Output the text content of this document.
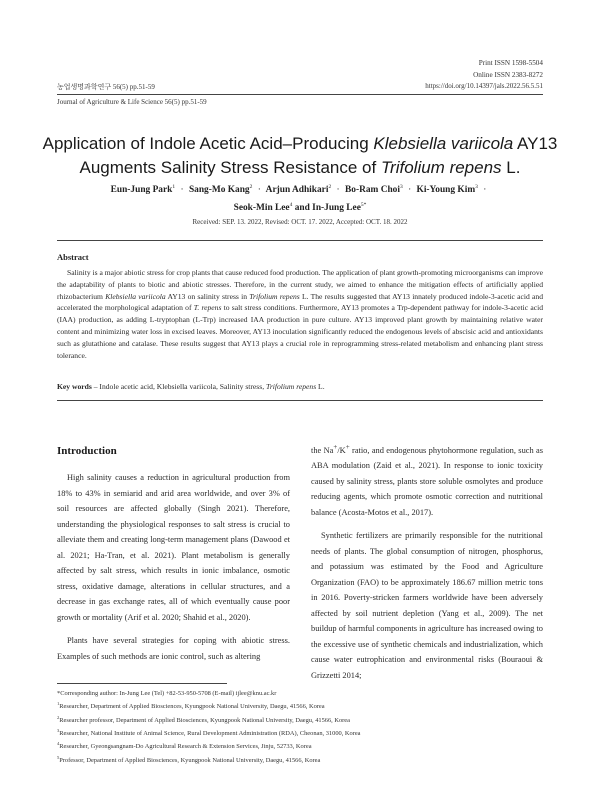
Print ISSN 1598-5504
Online ISSN 2383-8272
농업생명과학연구 56(5) pp.51-59	https://doi.org/10.14397/jals.2022.56.5.51
Journal of Agriculture & Life Science 56(5) pp.51-59
Application of Indole Acetic Acid–Producing Klebsiella variicola AY13
Augments Salinity Stress Resistance of Trifolium repens L.
Eun-Jung Park$^1$ · Sang-Mo Kang$^2$ · Arjun Adhikari$^2$ · Bo-Ram Choi$^3$ · Ki-Young Kim$^3$ ·
Seok-Min Lee$^4$ and In-Jung Lee$^{5*}$
Received: SEP. 13. 2022, Revised: OCT. 17. 2022, Accepted: OCT. 18. 2022
Abstract
Salinity is a major abiotic stress for crop plants that cause reduced food production. The application of plant growth-promoting microorganisms can improve the adaptability of plants to biotic and abiotic stresses. Therefore, in the current study, we aimed to enhance the mitigation effects of artificially applied rhizobacterium Klebsiella variicola AY13 on salinity stress in Trifolium repens L. The results suggested that AY13 innately produced indole-3-acetic acid and accelerated the morphological adaptation of T. repens to salt stress conditions. Furthermore, AY13 promotes a Trp-dependent pathway for indole-3-acetic acid (IAA) production, as adding L-tryptophan (L-Trp) increased IAA production in pure culture. AY13 improved plant growth by maintaining relative water content and minimizing water loss in excised leaves. Moreover, AY13 inoculation significantly reduced the endogenous levels of abscisic acid and antioxidants such as glutathione and catalase. These results suggest that AY13 plays a crucial role in reprogramming stress-related metabolism and enhancing plant stress tolerance.
Key words – Indole acetic acid, Klebsiella variicola, Salinity stress, Trifolium repens L.
Introduction

High salinity causes a reduction in agricultural production from 18% to 43% in semiarid and arid area worldwide, and over 3% of soil resources are affected globally (Singh 2021). Therefore, understanding the physiological responses to salt stress is crucial to alleviate them and creating long-term management plans (Dawood et al. 2021; Ha-Tran, et al. 2021). Plant metabolism is generally affected by salt stress, which results in ionic imbalance, osmotic stress, oxidative damage, alterations in cellular structures, and a decrease in gas exchange rates, all of which eventually cause poor growth or mortality (Arif et al. 2020; Shahid et al., 2020).

Plants have several strategies for coping with abiotic stress. Examples of such methods are ionic control, such as altering

the Na+/K+ ratio, and endogenous phytohormone regulation, such as ABA modulation (Zaid et al., 2021). In response to ionic toxicity caused by salinity stress, plants store soluble osmolytes and produce reducing agents, which promote osmotic correction and nutritional balance (Acosta-Motos et al., 2017).

Synthetic fertilizers are primarily responsible for the nutritional needs of plants. The global consumption of nitrogen, phosphorus, and potassium was estimated by the Food and Agriculture Organization (FAO) to be approximately 186.67 million metric tons in 2016. Poverty-stricken farmers worldwide have been adversely affected by soil nutrient depletion (Yang et al., 2009). The net buildup of harmful components in agriculture has increased owing to the excessive use of synthetic chemicals and industrialization, which cause water eutrophication and environmental risks (Bouraoui & Grizzetti 2014;

*Corresponding author: In-Jung Lee (Tel) +82-53-950-5708 (E-mail) ijlee@knu.ac.kr
$^1$Researcher, Department of Applied Biosciences, Kyungpook National University, Daegu, 41566, Korea
$^2$Researcher professor, Department of Applied Biosciences, Kyungpook National University, Daegu, 41566, Korea
$^3$Researcher, National Institute of Animal Science, Rural Development Administration (RDA), Cheonan, 31000, Korea
$^4$Researcher, Gyeongsangnam-Do Agricultural Research & Extension Services, Jinju, 52733, Korea
$^5$Professor, Department of Applied Biosciences, Kyungpook National University, Daegu, 41566, Korea
